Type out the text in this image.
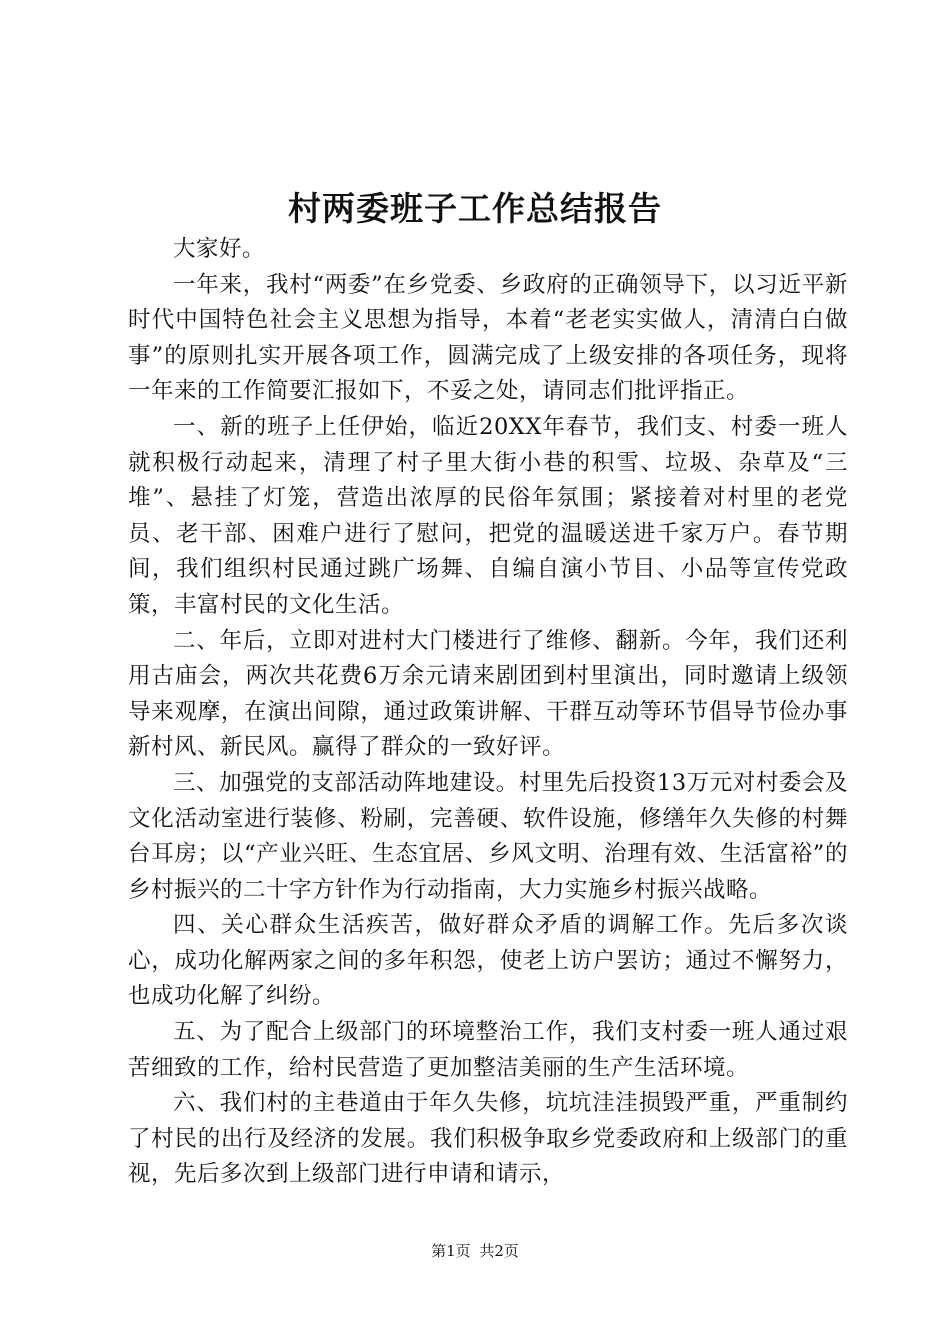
村两委班子工作总结报告

大家好。

一年来，我村“两委”在乡党委、乡政府的正确领导下，以习近平新时代中国特色社会主义思想为指导，本着“老老实实做人，清清白白做事”的原则扎实开展各项工作，圆满完成了上级安排的各项任务，现将一年来的工作简要汇报如下，不妥之处，请同志们批评指正。

一、新的班子上任伊始，临近20XX年春节，我们支、村委一班人就积极行动起来，清理了村子里大街小巷的积雪、垃圾、杂草及“三堆”、悬挂了灯笼，营造出浓厚的民俗年氛围；紧接着对村里的老党员、老干部、困难户进行了慰问，把党的温暖送进千家万户。春节期间，我们组织村民通过跳广场舞、自编自演小节目、小品等宣传党政策，丰富村民的文化生活。

二、年后，立即对进村大门楼进行了维修、翻新。今年，我们还利用古庙会，两次共花费6万余元请来剧团到村里演出，同时邀请上级领导来观摩，在演出间隙，通过政策讲解、干群互动等环节倡导节俭办事新村风、新民风。赢得了群众的一致好评。

三、加强党的支部活动阵地建设。村里先后投资13万元对村委会及文化活动室进行装修、粉刷，完善硬、软件设施，修缮年久失修的村舞台耳房；以“产业兴旺、生态宜居、乡风文明、治理有效、生活富裕”的乡村振兴的二十字方针作为行动指南，大力实施乡村振兴战略。

四、关心群众生活疾苦，做好群众矛盾的调解工作。先后多次谈心，成功化解两家之间的多年积怨，使老上访户罢访；通过不懈努力，也成功化解了纠纷。

五、为了配合上级部门的环境整治工作，我们支村委一班人通过艰苦细致的工作，给村民营造了更加整洁美丽的生产生活环境。

六、我们村的主巷道由于年久失修，坑坑洼洼损毁严重，严重制约了村民的出行及经济的发展。我们积极争取乡党委政府和上级部门的重视，先后多次到上级部门进行申请和请示，

第1页 共2页
